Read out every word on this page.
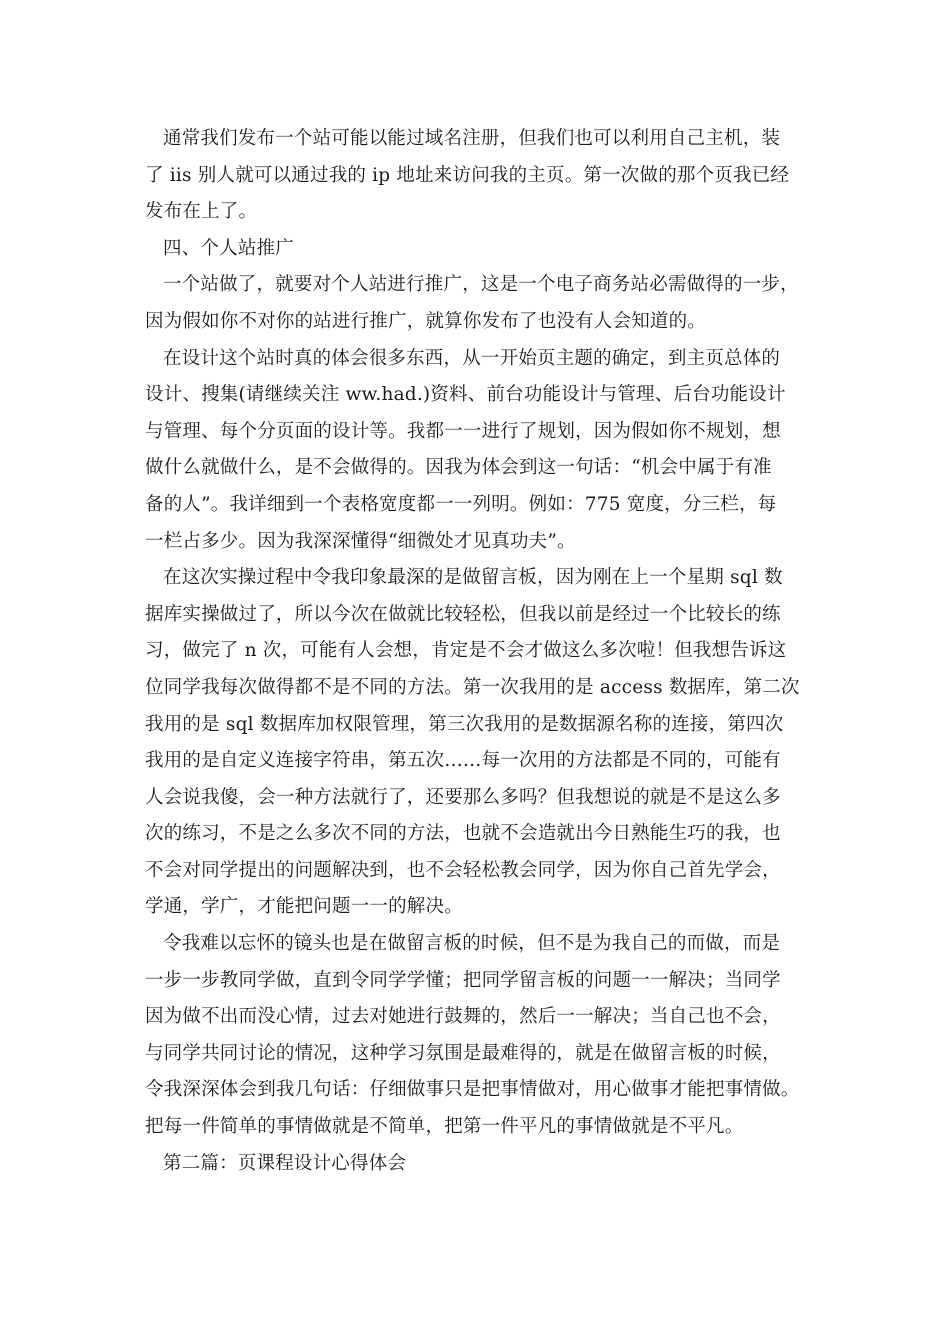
通常我们发布一个站可能以能过域名注册，但我们也可以利用自己主机，装
了 iis 别人就可以通过我的 ip 地址来访问我的主页。第一次做的那个页我已经
发布在上了。
四、个人站推广
一个站做了，就要对个人站进行推广，这是一个电子商务站必需做得的一步，
因为假如你不对你的站进行推广，就算你发布了也没有人会知道的。
在设计这个站时真的体会很多东西，从一开始页主题的确定，到主页总体的
设计、搜集(请继续关注 ww.had.)资料、前台功能设计与管理、后台功能设计
与管理、每个分页面的设计等。我都一一进行了规划，因为假如你不规划，想
做什么就做什么，是不会做得的。因我为体会到这一句话：“机会中属于有准
备的人”。我详细到一个表格宽度都一一列明。例如：775 宽度，分三栏，每
一栏占多少。因为我深深懂得“细微处才见真功夫”。
在这次实操过程中令我印象最深的是做留言板，因为刚在上一个星期 sql 数
据库实操做过了，所以今次在做就比较轻松，但我以前是经过一个比较长的练
习，做完了 n 次，可能有人会想，肯定是不会才做这么多次啦！但我想告诉这
位同学我每次做得都不是不同的方法。第一次我用的是 access 数据库，第二次
我用的是 sql 数据库加权限管理，第三次我用的是数据源名称的连接，第四次
我用的是自定义连接字符串，第五次……每一次用的方法都是不同的，可能有
人会说我傻，会一种方法就行了，还要那么多吗？但我想说的就是不是这么多
次的练习，不是之么多次不同的方法，也就不会造就出今日熟能生巧的我，也
不会对同学提出的问题解决到，也不会轻松教会同学，因为你自己首先学会，
学通，学广，才能把问题一一的解决。
令我难以忘怀的镜头也是在做留言板的时候，但不是为我自己的而做，而是
一步一步教同学做，直到令同学学懂；把同学留言板的问题一一解决；当同学
因为做不出而没心情，过去对她进行鼓舞的，然后一一解决；当自己也不会，
与同学共同讨论的情况，这种学习氛围是最难得的，就是在做留言板的时候，
令我深深体会到我几句话：仔细做事只是把事情做对，用心做事才能把事情做。
把每一件简单的事情做就是不简单，把第一件平凡的事情做就是不平凡。
第二篇：页课程设计心得体会
